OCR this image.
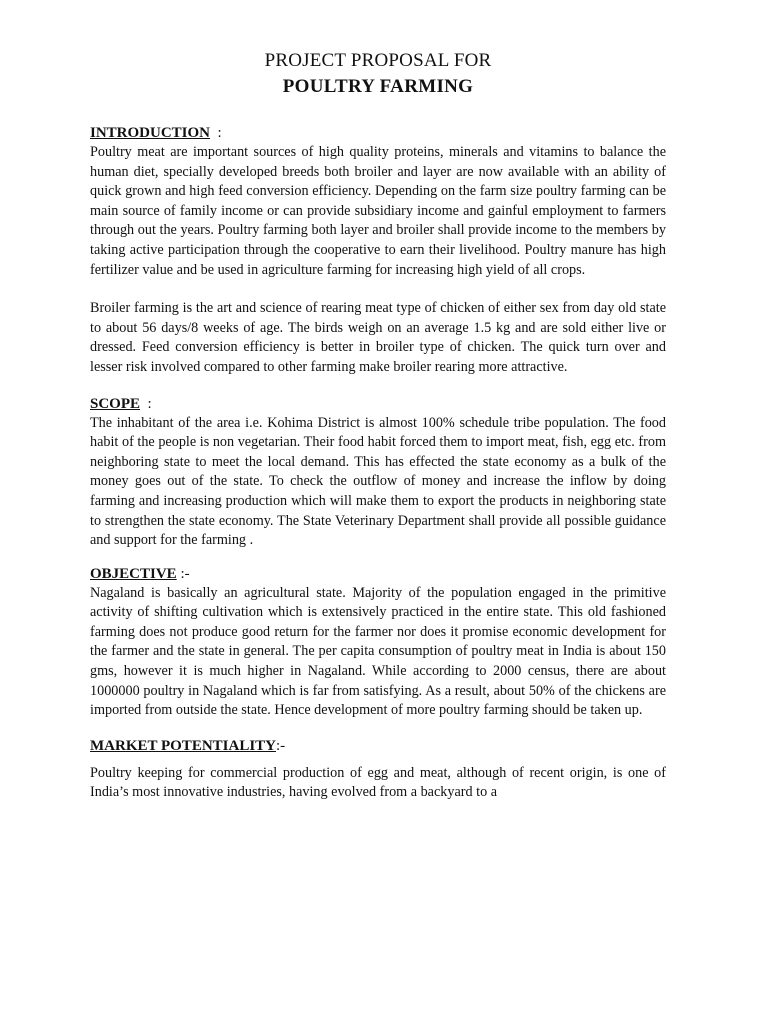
PROJECT PROPOSAL FOR

POULTRY FARMING

INTRODUCTION  :

Poultry meat are important sources of high quality proteins, minerals and vitamins to balance the human diet, specially developed breeds both broiler and layer are now available with an ability of quick grown and high feed conversion efficiency. Depending on the farm size poultry farming can be main source of family income or can provide subsidiary income and gainful employment to farmers through out the years. Poultry farming both layer and broiler shall provide income to the members by taking active participation through the cooperative to earn their livelihood. Poultry manure has high fertilizer value and be used in agriculture farming for increasing high yield of all crops.

Broiler farming is the art and science of rearing meat type of chicken of either sex from day old state to about 56 days/8 weeks of age. The birds weigh on an average 1.5 kg and are sold either live or dressed. Feed conversion efficiency is better in broiler type of chicken. The quick turn over and lesser risk involved compared to other farming make broiler rearing more attractive.

SCOPE  :

The inhabitant of the area i.e. Kohima District is almost 100% schedule tribe population. The food habit of the people is non vegetarian. Their food habit forced them to import meat, fish, egg etc. from neighboring state to meet the local demand. This has effected the state economy as a bulk of the money goes out of the state. To check the outflow of money and increase the inflow by doing farming and increasing production which will make them to export the products in neighboring state to strengthen the state economy. The State Veterinary Department shall provide all possible guidance and support for the farming .

OBJECTIVE :-

Nagaland is basically an agricultural state. Majority of the population engaged in the primitive activity of shifting cultivation which is extensively practiced in the entire state. This old fashioned farming does not produce good return for the farmer nor does it promise economic development for the farmer and the state in general. The per capita consumption of poultry meat in India is about 150 gms, however it is much higher in Nagaland. While according to 2000 census, there are about 1000000 poultry in Nagaland which is far from satisfying. As a result, about 50% of the chickens are imported from outside the state. Hence development of more poultry farming should be taken up.

MARKET POTENTIALITY:-

Poultry keeping for commercial production of egg and meat, although of recent origin, is one of India’s most innovative industries, having evolved from a backyard to a
